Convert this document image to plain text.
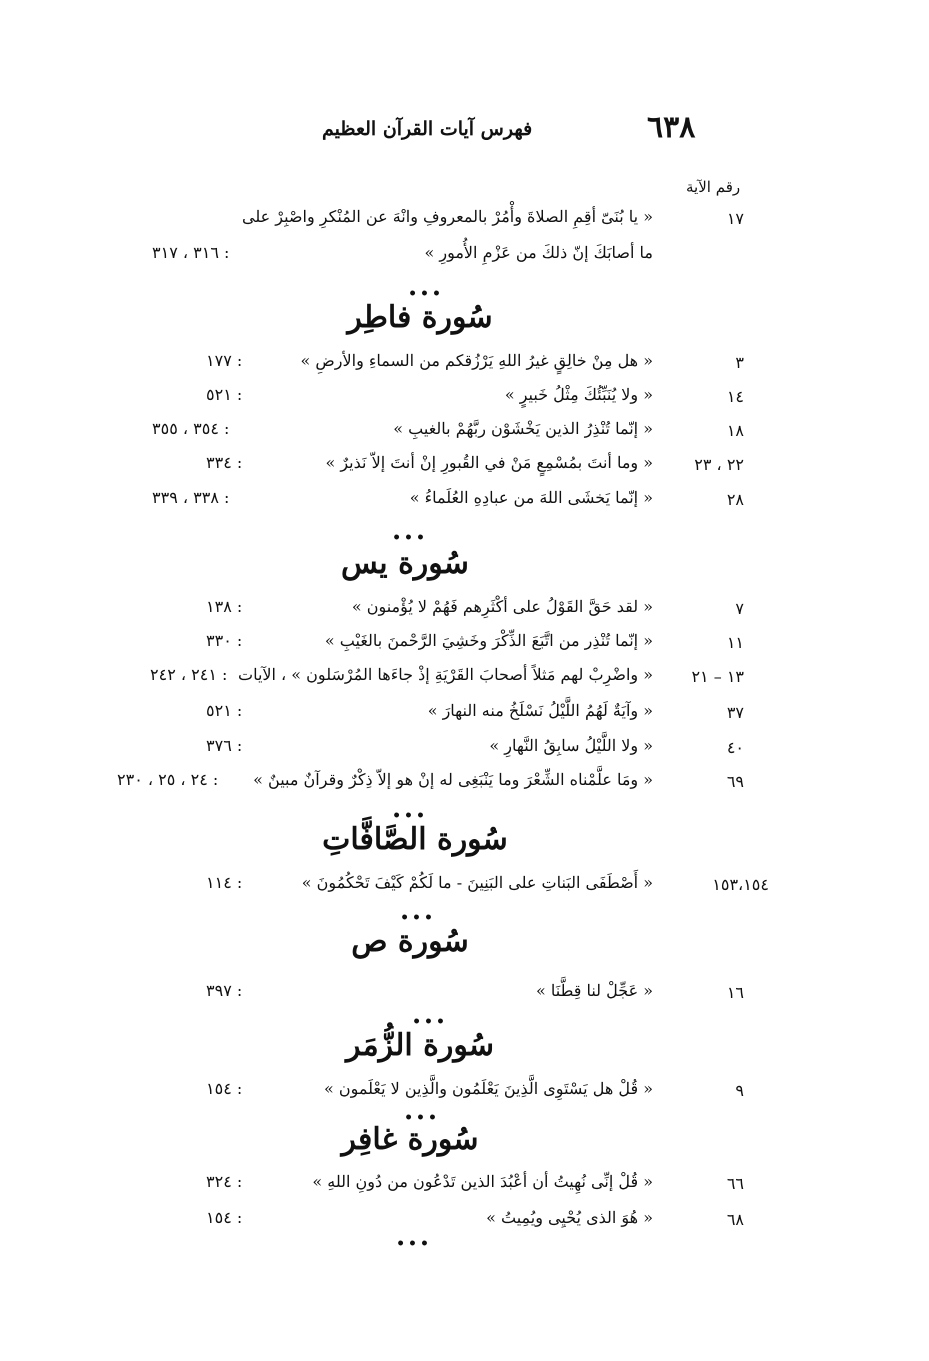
٦٣٨
فهرس آيات القرآن العظيم
رقم الآية
١٧
« يا بُنَىّ أقِمِ الصلاةَ وأْمُرْ بالمعروفِ وانْهَ عن المُنْكرِ واصْبِرْ على
ما أصابَكَ إنّ ذلكَ من عَزْمِ الأُمورِ »
: ٣١٦ ، ٣١٧
•••
سُورة فاطِر
٣
« هل مِنْ خالِقٍ غيرُ اللهِ يَرْزُقكم من السماءِ والأرضِ »
: ١٧٧
١٤
« ولا يُنَبِّئُكَ مِثْلُ خَبيرٍ »
: ٥٢١
١٨
« إنّما تُنْذِرُ الذين يَخْشَوْن ربَّهُمْ بالغيبِ »
: ٣٥٤ ، ٣٥٥
٢٢ ، ٢٣
« وما أنتَ بمُسْمِعٍ مَنْ في القُبورِ إنْ أنتَ إلاّ نَذيرٌ »
: ٣٣٤
٢٨
« إنّما يَخشَى اللهَ من عبادِهِ العُلَماءُ »
: ٣٣٨ ، ٣٣٩
•••
سُورة يس
٧
« لقد حَقَّ القَوْلُ على أكْثَرِهم فَهُمْ لا يُؤْمنون »
: ١٣٨
١١
« إنّما تُنْذِر من اتَّبَعَ الذِّكْرَ وخَشِيَ الرَّحْمنَ بالغَيْبِ »
: ٣٣٠
١٣ – ٢١
« واضْرِبْ لهم مَثلاً أصحابَ القَرْيَةِ إذْ جاءَها المُرْسَلون » ، الآيات
: ٢٤١ ، ٢٤٢
٣٧
« وآيَةٌ لَهُمُ اللَّيْلُ نَسْلَخُ منه النهارَ »
: ٥٢١
٤٠
« ولا اللَّيْلُ سابِقُ النَّهارِ »
: ٣٧٦
٦٩
« ومَا علَّمْناه الشِّعْرَ وما يَنْبَغِى له إنْ هو إلاّ ذِكْرٌ وقرآنٌ مبينٌ »
: ٢٤ ، ٢٥ ، ٢٣٠
•••
سُورة الصَّافَّاتِ
١٥٣،١٥٤
« أَصْطَفَى البَناتِ على البَنِينَ - ما لَكُمْ كَيْفَ تَحْكُمُونَ »
: ١١٤
•••
سُورة ص
١٦
« عَجِّلْ لنا قِطَّنَا »
: ٣٩٧
•••
سُورة الزُّمَر
٩
« قُلْ هل يَسْتَوِى الَّذِينَ يَعْلَمُون والَّذِين لا يَعْلَمون »
: ١٥٤
•••
سُورة غافِر
٦٦
« قُلْ إنِّى نُهِيتُ أن أعْبُدَ الذين تَدْعُون من دُونِ اللهِ »
: ٣٢٤
٦٨
« هُوَ الذى يُحْيِى ويُمِيتُ »
: ١٥٤
•••
